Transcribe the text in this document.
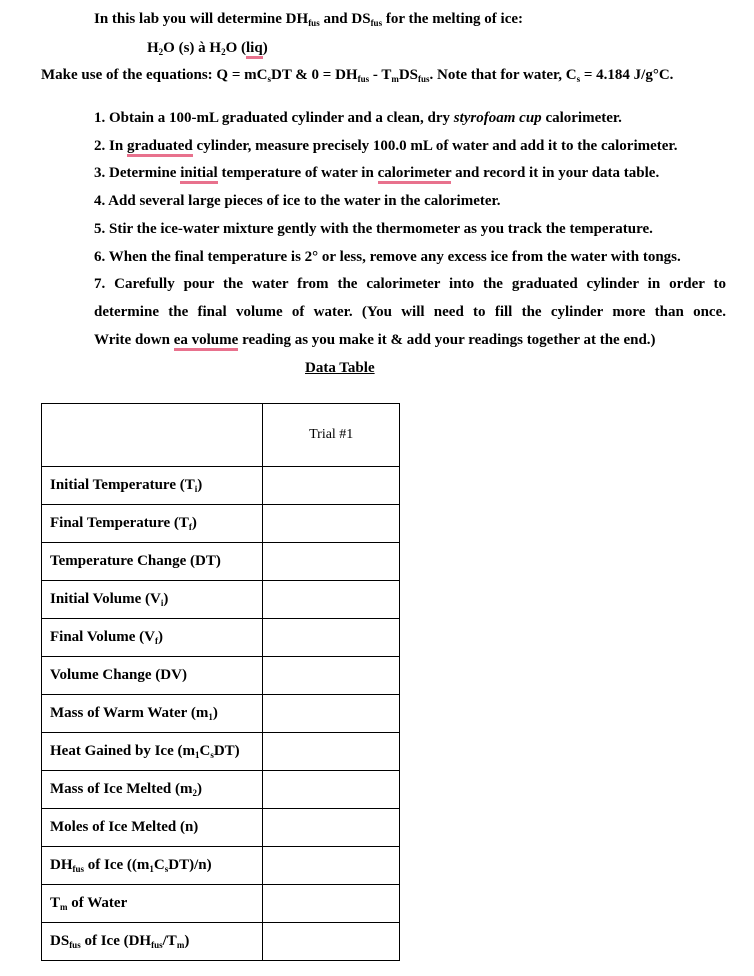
In this lab you will determine $DH_{fus}$ and $DS_{fus}$ for the melting of ice:
$H_2O$ (s) à $H_2O$ (liq)
Make use of the equations: $Q = mC_sDT$ & $0 = DH_{fus} - T_mDS_{fus}$. Note that for water, $C_s = 4.184$ J/g°C.
1. Obtain a 100-mL graduated cylinder and a clean, dry styrofoam cup calorimeter.
2. In graduated cylinder, measure precisely 100.0 mL of water and add it to the calorimeter.
3. Determine initial temperature of water in calorimeter and record it in your data table.
4. Add several large pieces of ice to the water in the calorimeter.
5. Stir the ice-water mixture gently with the thermometer as you track the temperature.
6. When the final temperature is 2° or less, remove any excess ice from the water with tongs.
7. Carefully pour the water from the calorimeter into the graduated cylinder in order to
determine the final volume of water. (You will need to fill the cylinder more than once.
Write down ea volume reading as you make it & add your readings together at the end.)
Data Table
	Trial #1
Initial Temperature $(T_i)$	
Final Temperature $(T_f)$	
Temperature Change (DT)	
Initial Volume $(V_i)$	
Final Volume $(V_f)$	
Volume Change (DV)	
Mass of Warm Water $(m_1)$	
Heat Gained by Ice $(m_1C_sDT)$	
Mass of Ice Melted $(m_2)$	
Moles of Ice Melted (n)	
$DH_{fus}$ of Ice $((m_1C_sDT)/n)$	
$T_m$ of Water	
$DS_{fus}$ of Ice $(DH_{fus}/T_m)$	
